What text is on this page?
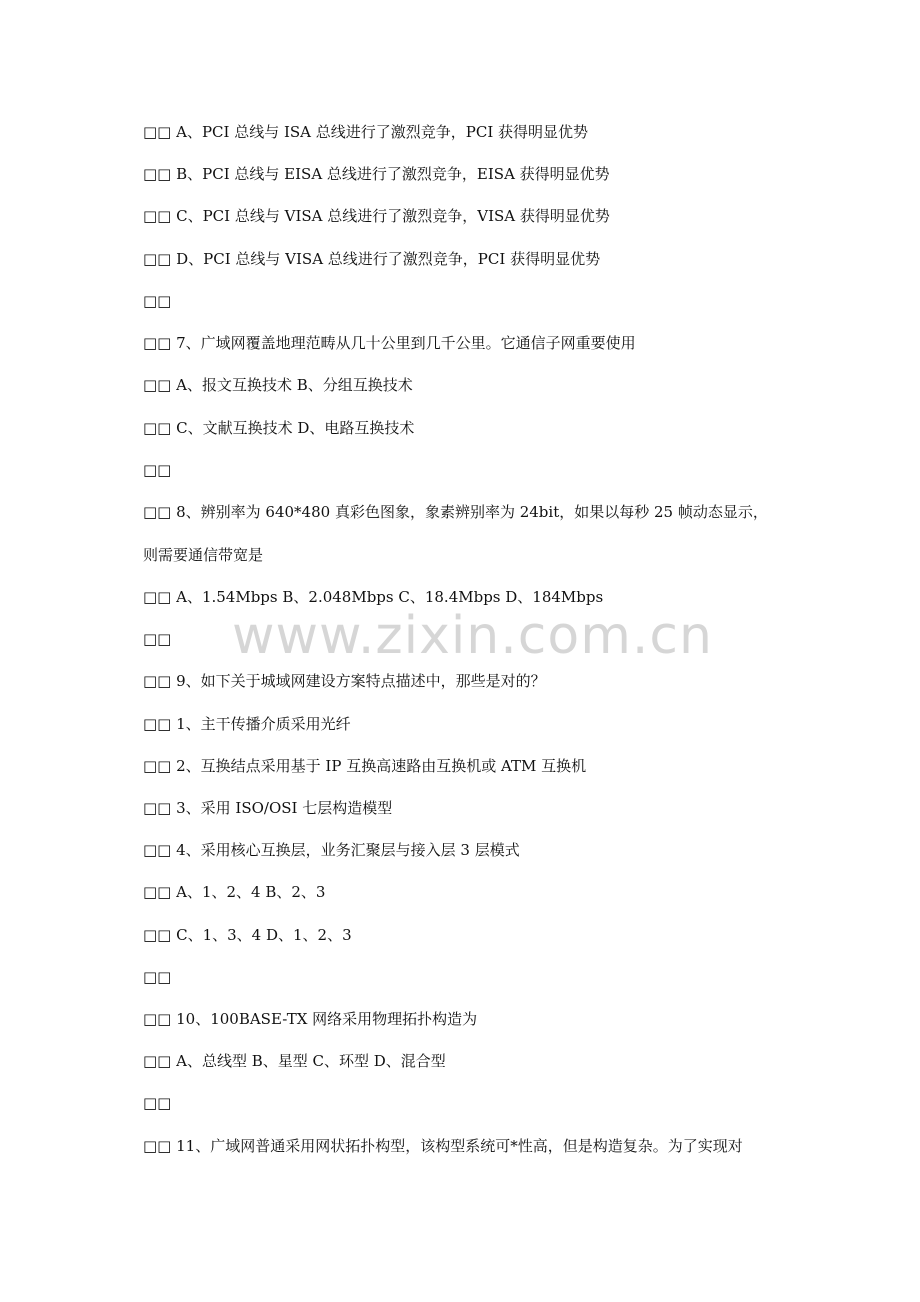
□□ A、PCI 总线与 ISA 总线进行了激烈竞争，PCI 获得明显优势
□□ B、PCI 总线与 EISA 总线进行了激烈竞争，EISA 获得明显优势
□□ C、PCI 总线与 VISA 总线进行了激烈竞争，VISA 获得明显优势
□□ D、PCI 总线与 VISA 总线进行了激烈竞争，PCI 获得明显优势
□□
□□ 7、广域网覆盖地理范畴从几十公里到几千公里。它通信子网重要使用
□□ A、报文互换技术 B、分组互换技术
□□ C、文献互换技术 D、电路互换技术
□□
□□ 8、辨别率为 640*480 真彩色图象，象素辨别率为 24bit，如果以每秒 25 帧动态显示，
则需要通信带宽是
□□ A、1.54Mbps B、2.048Mbps C、18.4Mbps D、184Mbps
□□
□□ 9、如下关于城域网建设方案特点描述中，那些是对的？
□□ 1、主干传播介质采用光纤
□□ 2、互换结点采用基于 IP 互换高速路由互换机或 ATM 互换机
□□ 3、采用 ISO/OSI 七层构造模型
□□ 4、采用核心互换层，业务汇聚层与接入层 3 层模式
□□ A、1、2、4 B、2、3
□□ C、1、3、4 D、1、2、3
□□
□□ 10、100BASE-TX 网络采用物理拓扑构造为
□□ A、总线型 B、星型 C、环型 D、混合型
□□
□□ 11、广域网普通采用网状拓扑构型，该构型系统可*性高，但是构造复杂。为了实现对
www.zixin.com.cn
